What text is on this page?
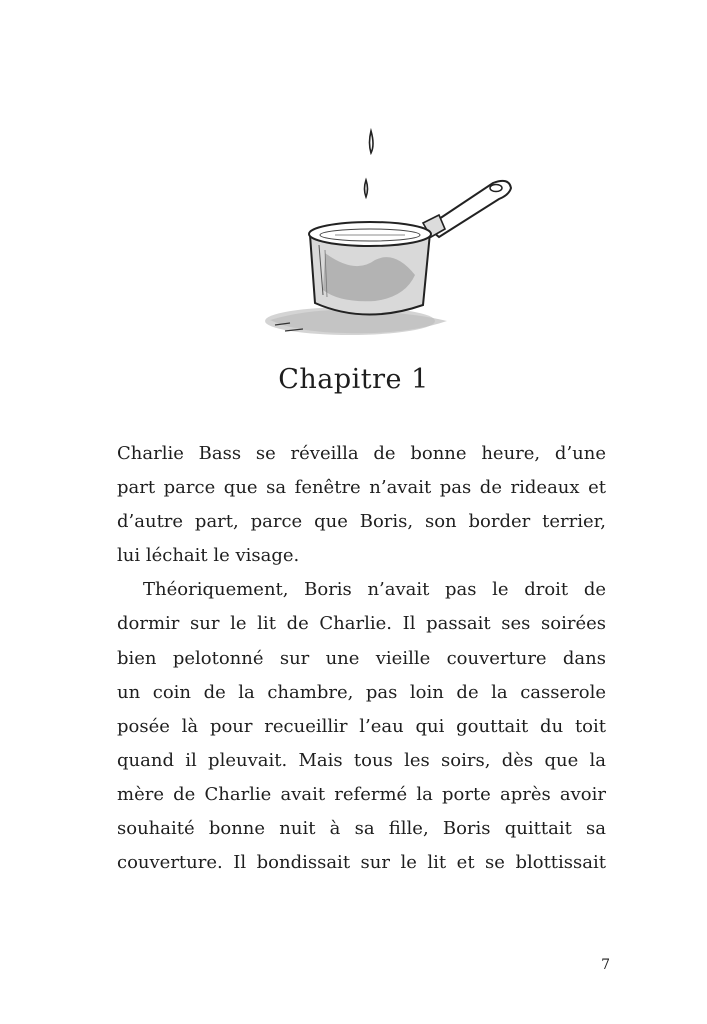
Chapitre 1

Charlie Bass se réveilla de bonne heure, d’une
part parce que sa fenêtre n’avait pas de rideaux et
d’autre part, parce que Boris, son border terrier,
lui léchait le visage.

Théoriquement, Boris n’avait pas le droit de
dormir sur le lit de Charlie. Il passait ses soirées
bien pelotonné sur une vieille couverture dans
un coin de la chambre, pas loin de la casserole
posée là pour recueillir l’eau qui gouttait du toit
quand il pleuvait. Mais tous les soirs, dès que la
mère de Charlie avait refermé la porte après avoir
souhaité bonne nuit à sa fille, Boris quittait sa
couverture. Il bondissait sur le lit et se blottissait

7
